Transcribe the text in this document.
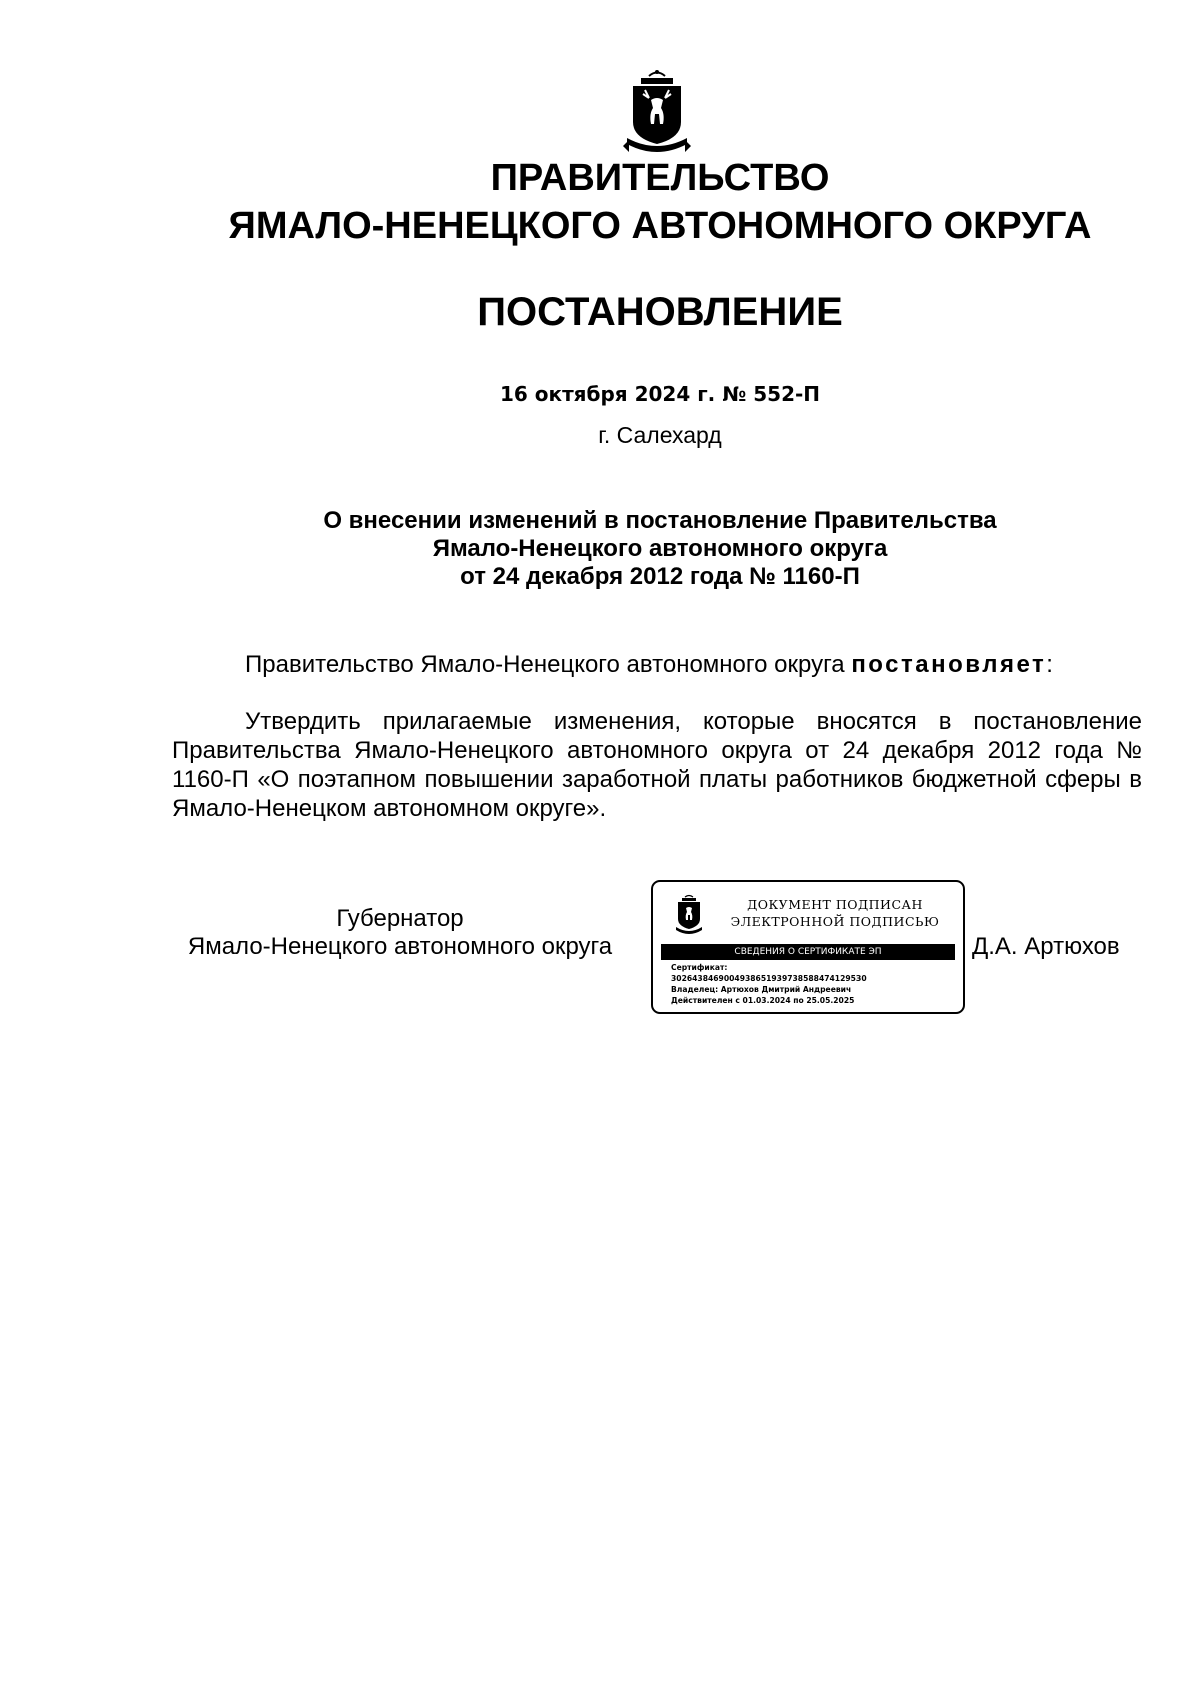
ПРАВИТЕЛЬСТВО
ЯМАЛО-НЕНЕЦКОГО АВТОНОМНОГО ОКРУГА
ПОСТАНОВЛЕНИЕ
16 октября 2024 г. № 552-П
г. Салехард
О внесении изменений в постановление Правительства
Ямало-Ненецкого автономного округа
от 24 декабря 2012 года № 1160-П
Правительство Ямало-Ненецкого автономного округа постановляет:
Утвердить прилагаемые изменения, которые вносятся в постановление Правительства Ямало-Ненецкого автономного округа от 24 декабря 2012 года № 1160-П «О поэтапном повышении заработной платы работников бюджетной сферы в Ямало-Ненецком автономном округе».
Губернатор
Ямало-Ненецкого автономного округа
ДОКУМЕНТ ПОДПИСАН
ЭЛЕКТРОННОЙ ПОДПИСЬЮ
СВЕДЕНИЯ О СЕРТИФИКАТЕ ЭП
Сертификат:
30264384690049386519397385884741295З0
Владелец: Артюхов Дмитрий Андреевич
Действителен с 01.03.2024 по 25.05.2025
Д.А. Артюхов
